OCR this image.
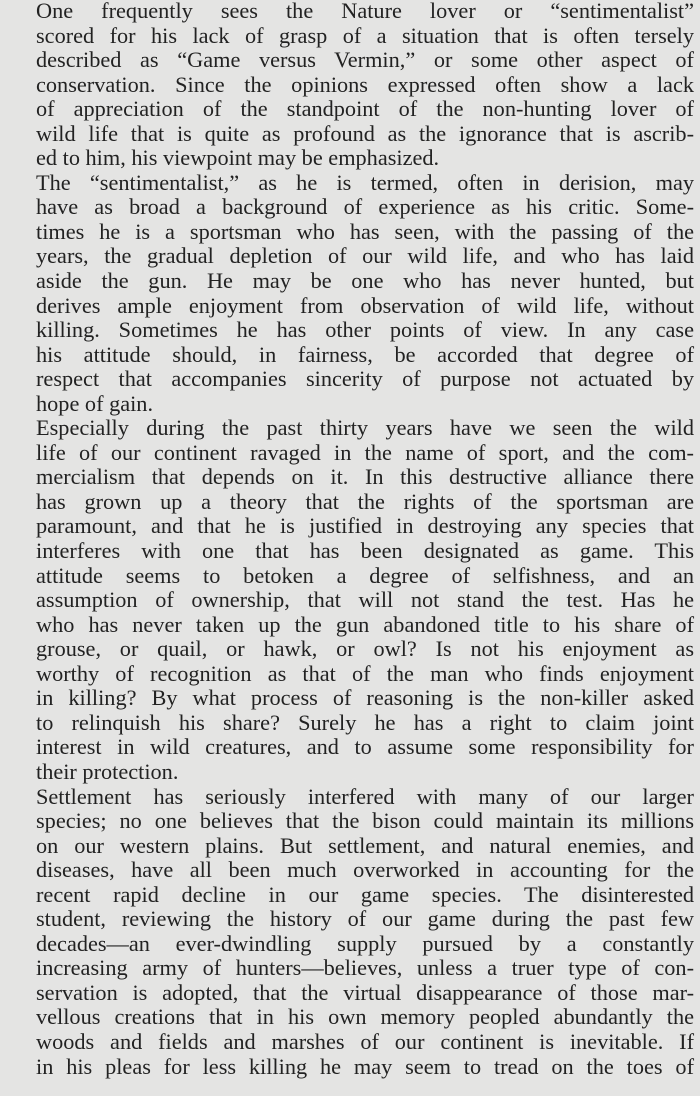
One frequently sees the Nature lover or “sentimentalist”
scored for his lack of grasp of a situation that is often tersely
described as “Game versus Vermin,” or some other aspect of
conservation. Since the opinions expressed often show a lack
of appreciation of the standpoint of the non-hunting lover of
wild life that is quite as profound as the ignorance that is ascrib-
ed to him, his viewpoint may be emphasized.

The “sentimentalist,” as he is termed, often in derision, may
have as broad a background of experience as his critic. Some-
times he is a sportsman who has seen, with the passing of the
years, the gradual depletion of our wild life, and who has laid
aside the gun. He may be one who has never hunted, but
derives ample enjoyment from observation of wild life, without
killing. Sometimes he has other points of view. In any case
his attitude should, in fairness, be accorded that degree of
respect that accompanies sincerity of purpose not actuated by
hope of gain.

Especially during the past thirty years have we seen the wild
life of our continent ravaged in the name of sport, and the com-
mercialism that depends on it. In this destructive alliance there
has grown up a theory that the rights of the sportsman are
paramount, and that he is justified in destroying any species that
interferes with one that has been designated as game. This
attitude seems to betoken a degree of selfishness, and an
assumption of ownership, that will not stand the test. Has he
who has never taken up the gun abandoned title to his share of
grouse, or quail, or hawk, or owl? Is not his enjoyment as
worthy of recognition as that of the man who finds enjoyment
in killing? By what process of reasoning is the non-killer asked
to relinquish his share? Surely he has a right to claim joint
interest in wild creatures, and to assume some responsibility for
their protection.

Settlement has seriously interfered with many of our larger
species; no one believes that the bison could maintain its millions
on our western plains. But settlement, and natural enemies, and
diseases, have all been much overworked in accounting for the
recent rapid decline in our game species. The disinterested
student, reviewing the history of our game during the past few
decades—an ever-dwindling supply pursued by a constantly
increasing army of hunters—believes, unless a truer type of con-
servation is adopted, that the virtual disappearance of those mar-
vellous creations that in his own memory peopled abundantly the
woods and fields and marshes of our continent is inevitable. If
in his pleas for less killing he may seem to tread on the toes of
